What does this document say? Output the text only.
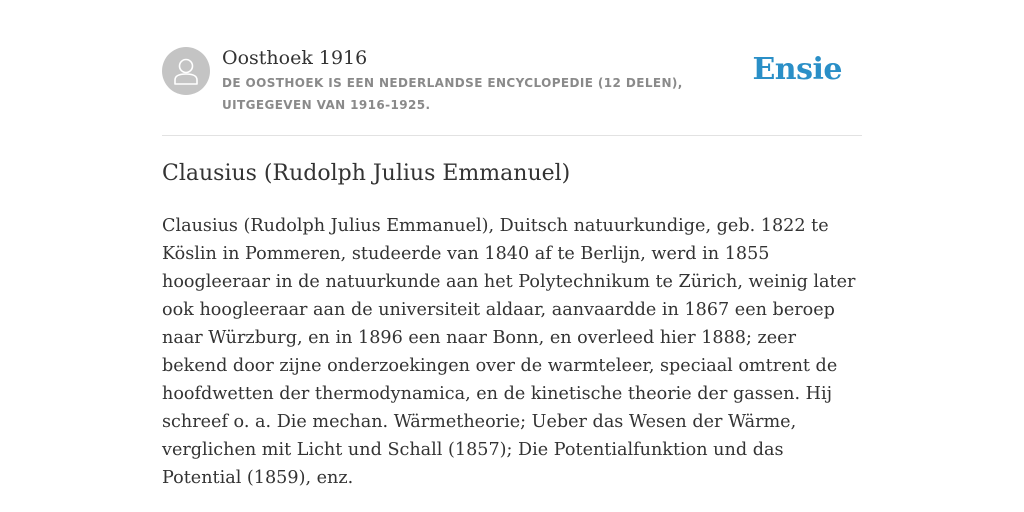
Oosthoek 1916
DE OOSTHOEK IS EEN NEDERLANDSE ENCYCLOPEDIE (12 DELEN), UITGEGEVEN VAN 1916-1925.
Ensie
Clausius (Rudolph Julius Emmanuel)

Clausius (Rudolph Julius Emmanuel), Duitsch natuurkundige, geb. 1822 te Köslin in Pommeren, studeerde van 1840 af te Berlijn, werd in 1855 hoogleeraar in de natuurkunde aan het Polytechnikum te Zürich, weinig later ook hoogleeraar aan de universiteit aldaar, aanvaardde in 1867 een beroep naar Würzburg, en in 1896 een naar Bonn, en overleed hier 1888; zeer bekend door zijne onderzoekingen over de warmteleer, speciaal omtrent de hoofdwetten der thermodynamica, en de kinetische theorie der gassen. Hij schreef o. a. Die mechan. Wärmetheorie; Ueber das Wesen der Wärme, verglichen mit Licht und Schall (1857); Die Potentialfunktion und das Potential (1859), enz.
